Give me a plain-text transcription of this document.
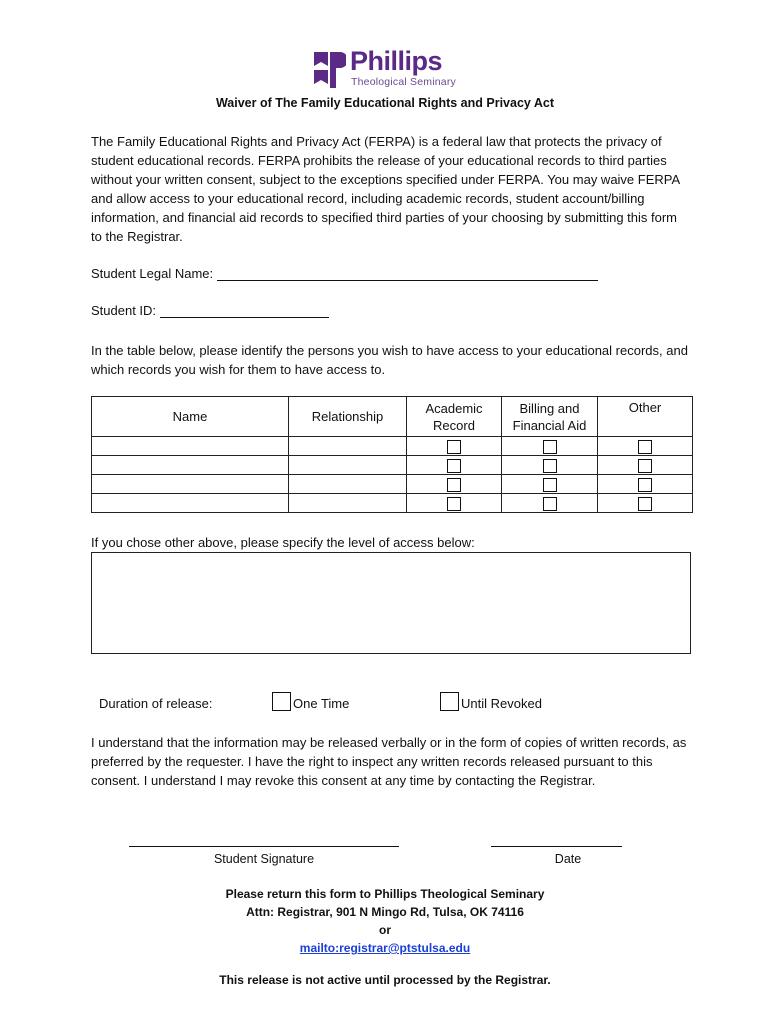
Phillips
Theological Seminary
Waiver of The Family Educational Rights and Privacy Act

The Family Educational Rights and Privacy Act (FERPA) is a federal law that protects the privacy of student educational records. FERPA prohibits the release of your educational records to third parties without your written consent, subject to the exceptions specified under FERPA. You may waive FERPA and allow access to your educational record, including academic records, student account/billing information, and financial aid records to specified third parties of your choosing by submitting this form to the Registrar.

Student Legal Name:
Student ID:

In the table below, please identify the persons you wish to have access to your educational records, and which records you wish for them to have access to.

Name	Relationship	Academic Record	Billing and Financial Aid	Other

If you chose other above, please specify the level of access below:
Duration of release:	One Time	Until Revoked

I understand that the information may be released verbally or in the form of copies of written records, as preferred by the requester. I have the right to inspect any written records released pursuant to this consent. I understand I may revoke this consent at any time by contacting the Registrar.

Student Signature	Date
Please return this form to Phillips Theological Seminary
Attn: Registrar, 901 N Mingo Rd, Tulsa, OK 74116
or
mailto:registrar@ptstulsa.edu
This release is not active until processed by the Registrar.
